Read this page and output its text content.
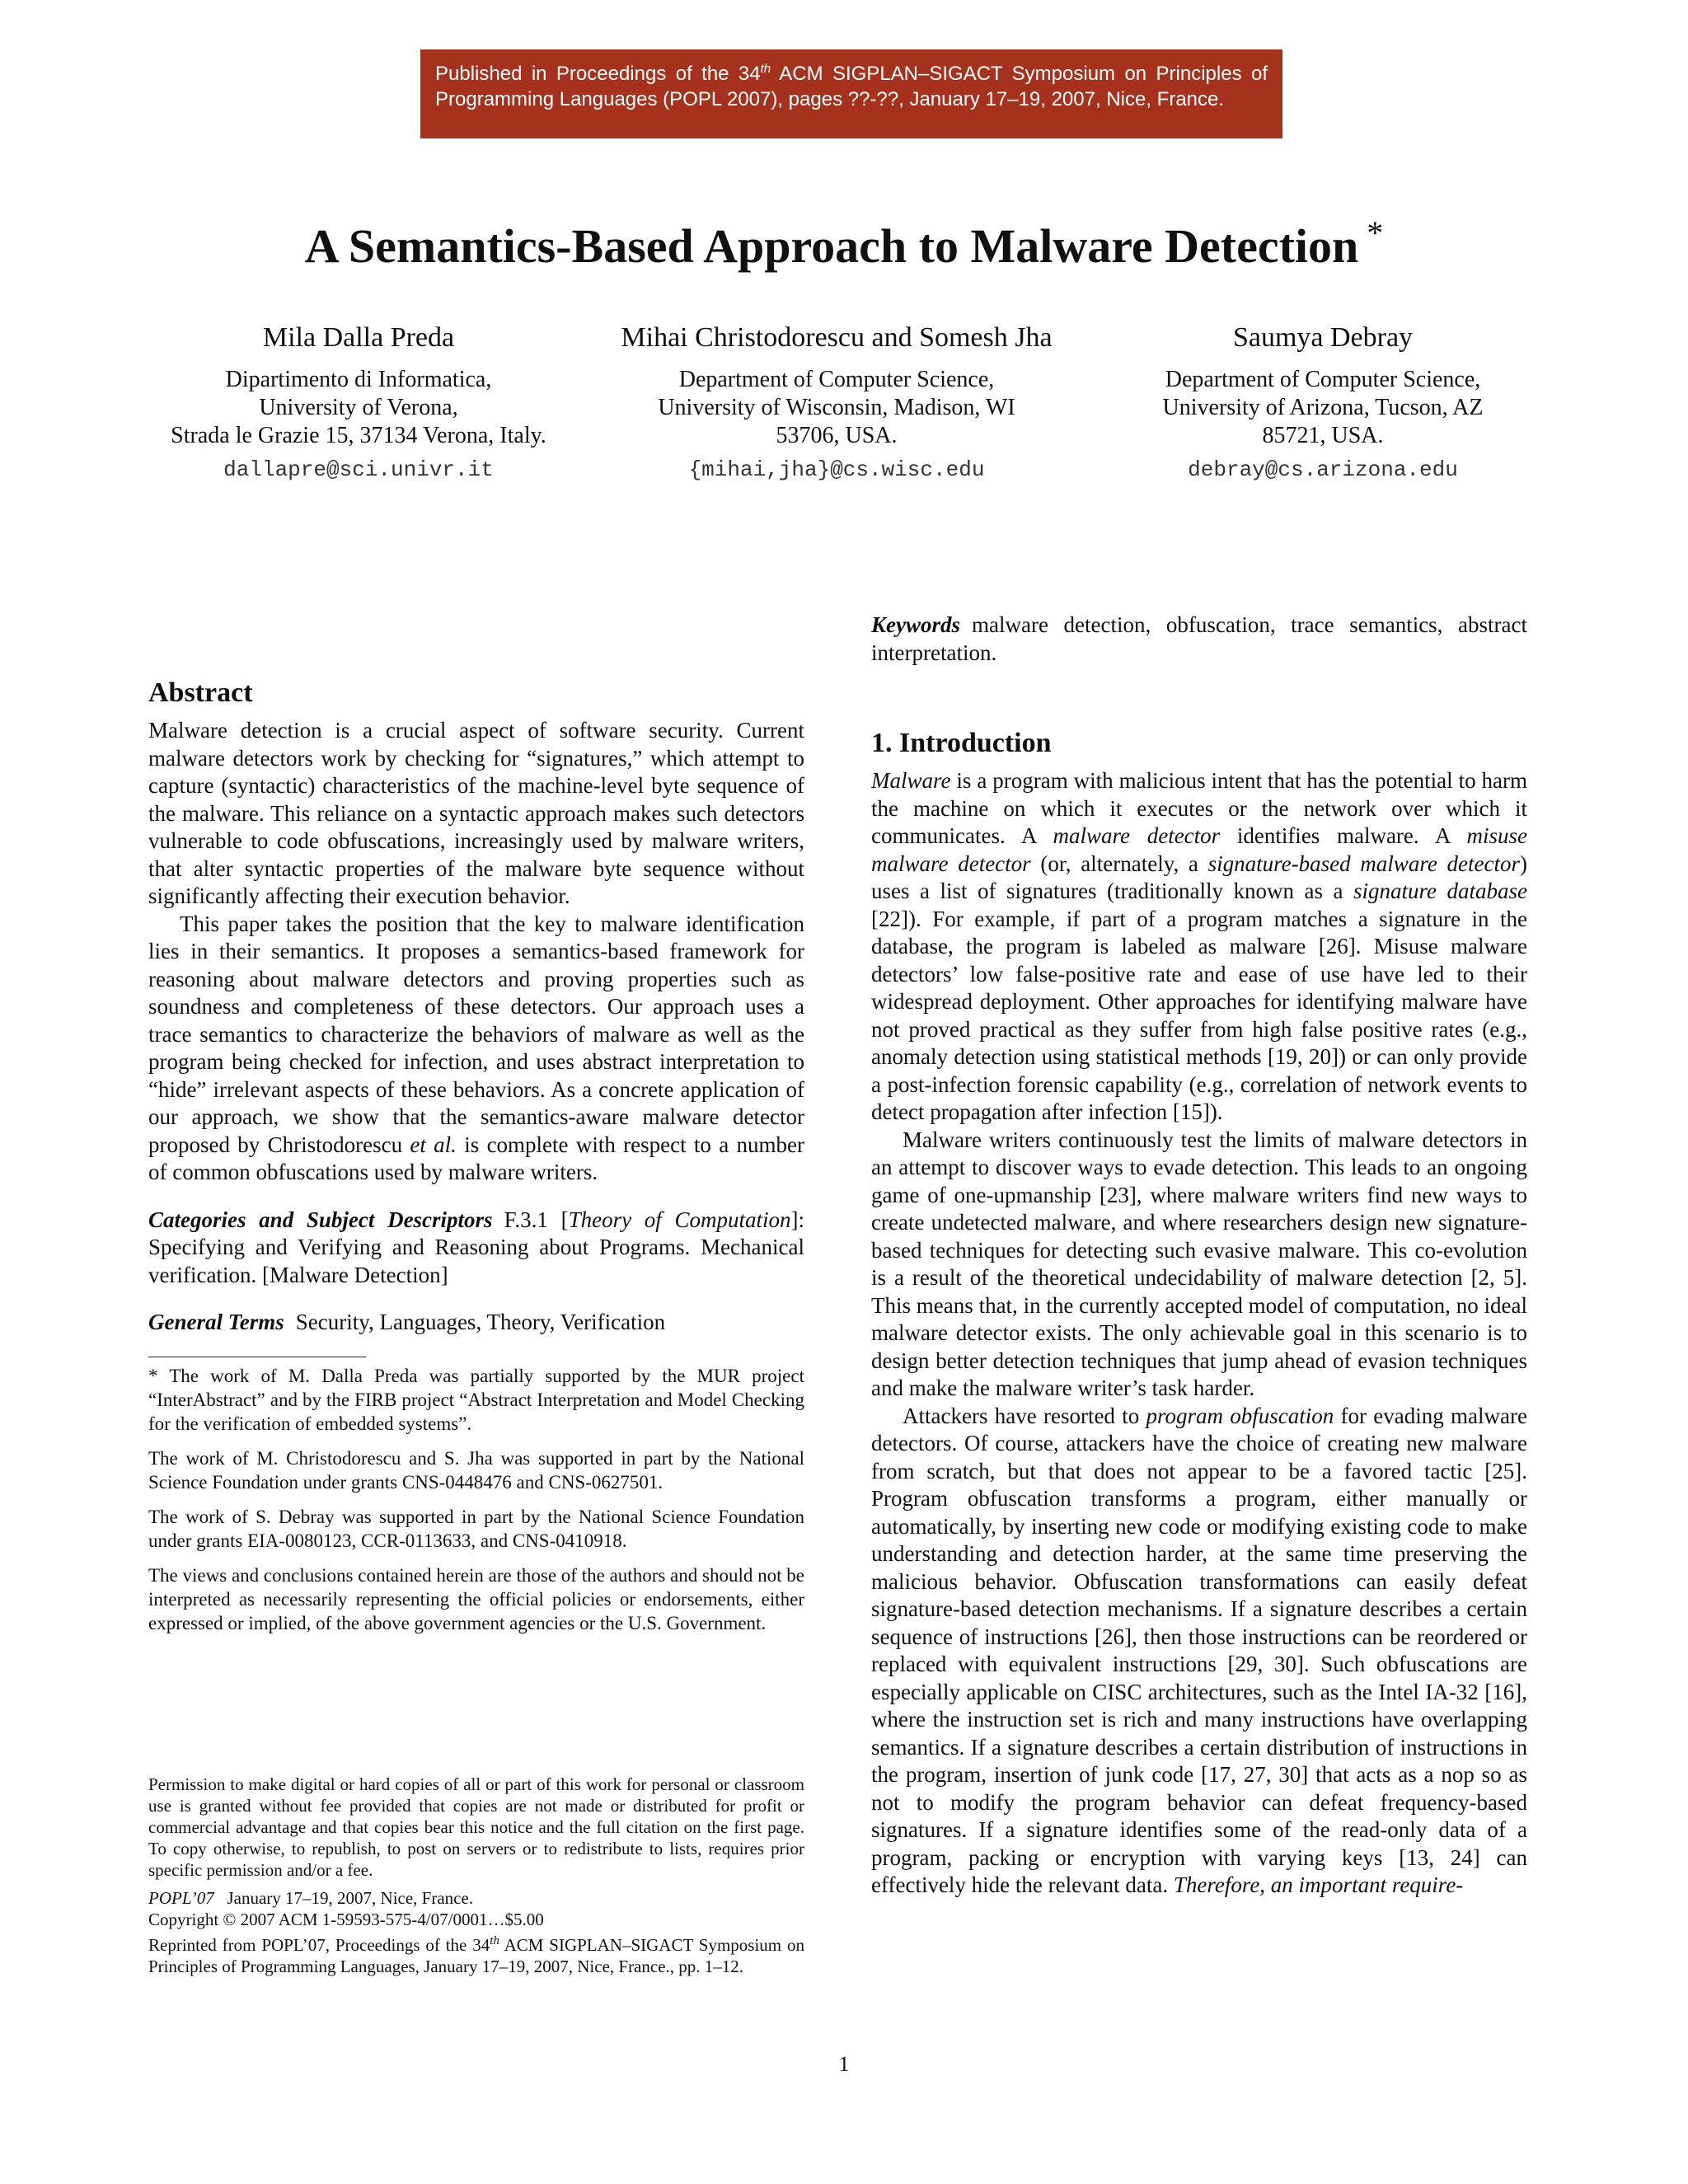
Published in Proceedings of the 34th ACM SIGPLAN–SIGACT Symposium on Principles of Programming Languages (POPL 2007), pages ??-??, January 17–19, 2007, Nice, France.
A Semantics-Based Approach to Malware Detection *
Mila Dalla Preda
Dipartimento di Informatica,
University of Verona,
Strada le Grazie 15, 37134 Verona, Italy.
dallapre@sci.univr.it
Mihai Christodorescu and Somesh Jha
Department of Computer Science,
University of Wisconsin, Madison, WI
53706, USA.
{mihai,jha}@cs.wisc.edu
Saumya Debray
Department of Computer Science,
University of Arizona, Tucson, AZ
85721, USA.
debray@cs.arizona.edu
Abstract

Malware detection is a crucial aspect of software security. Current malware detectors work by checking for “signatures,” which attempt to capture (syntactic) characteristics of the machine-level byte sequence of the malware. This reliance on a syntactic approach makes such detectors vulnerable to code obfuscations, increasingly used by malware writers, that alter syntactic properties of the malware byte sequence without significantly affecting their execution behavior.

This paper takes the position that the key to malware identification lies in their semantics. It proposes a semantics-based framework for reasoning about malware detectors and proving properties such as soundness and completeness of these detectors. Our approach uses a trace semantics to characterize the behaviors of malware as well as the program being checked for infection, and uses abstract interpretation to “hide” irrelevant aspects of these behaviors. As a concrete application of our approach, we show that the semantics-aware malware detector proposed by Christodorescu et al. is complete with respect to a number of common obfuscations used by malware writers.

Categories and Subject Descriptors F.3.1 [Theory of Computation]: Specifying and Verifying and Reasoning about Programs. Mechanical verification. [Malware Detection]

General Terms Security, Languages, Theory, Verification

* The work of M. Dalla Preda was partially supported by the MUR project “InterAbstract” and by the FIRB project “Abstract Interpretation and Model Checking for the verification of embedded systems”.

The work of M. Christodorescu and S. Jha was supported in part by the National Science Foundation under grants CNS-0448476 and CNS-0627501.

The work of S. Debray was supported in part by the National Science Foundation under grants EIA-0080123, CCR-0113633, and CNS-0410918.

The views and conclusions contained herein are those of the authors and should not be interpreted as necessarily representing the official policies or endorsements, either expressed or implied, of the above government agencies or the U.S. Government.

Permission to make digital or hard copies of all or part of this work for personal or classroom use is granted without fee provided that copies are not made or distributed for profit or commercial advantage and that copies bear this notice and the full citation on the first page. To copy otherwise, to republish, to post on servers or to redistribute to lists, requires prior specific permission and/or a fee.

POPL’07 January 17–19, 2007, Nice, France.

Copyright © 2007 ACM 1-59593-575-4/07/0001…$5.00

Reprinted from POPL’07, Proceedings of the 34th ACM SIGPLAN–SIGACT Symposium on Principles of Programming Languages, January 17–19, 2007, Nice, France., pp. 1–12.

Keywords malware detection, obfuscation, trace semantics, abstract interpretation.

1. Introduction

Malware is a program with malicious intent that has the potential to harm the machine on which it executes or the network over which it communicates. A malware detector identifies malware. A misuse malware detector (or, alternately, a signature-based malware detector) uses a list of signatures (traditionally known as a signature database [22]). For example, if part of a program matches a signature in the database, the program is labeled as malware [26]. Misuse malware detectors’ low false-positive rate and ease of use have led to their widespread deployment. Other approaches for identifying malware have not proved practical as they suffer from high false positive rates (e.g., anomaly detection using statistical methods [19, 20]) or can only provide a post-infection forensic capability (e.g., correlation of network events to detect propagation after infection [15]).

Malware writers continuously test the limits of malware detectors in an attempt to discover ways to evade detection. This leads to an ongoing game of one-upmanship [23], where malware writers find new ways to create undetected malware, and where researchers design new signature-based techniques for detecting such evasive malware. This co-evolution is a result of the theoretical undecidability of malware detection [2, 5]. This means that, in the currently accepted model of computation, no ideal malware detector exists. The only achievable goal in this scenario is to design better detection techniques that jump ahead of evasion techniques and make the malware writer’s task harder.

Attackers have resorted to program obfuscation for evading malware detectors. Of course, attackers have the choice of creating new malware from scratch, but that does not appear to be a favored tactic [25]. Program obfuscation transforms a program, either manually or automatically, by inserting new code or modifying existing code to make understanding and detection harder, at the same time preserving the malicious behavior. Obfuscation transformations can easily defeat signature-based detection mechanisms. If a signature describes a certain sequence of instructions [26], then those instructions can be reordered or replaced with equivalent instructions [29, 30]. Such obfuscations are especially applicable on CISC architectures, such as the Intel IA-32 [16], where the instruction set is rich and many instructions have overlapping semantics. If a signature describes a certain distribution of instructions in the program, insertion of junk code [17, 27, 30] that acts as a nop so as not to modify the program behavior can defeat frequency-based signatures. If a signature identifies some of the read-only data of a program, packing or encryption with varying keys [13, 24] can effectively hide the relevant data. Therefore, an important require-

1
